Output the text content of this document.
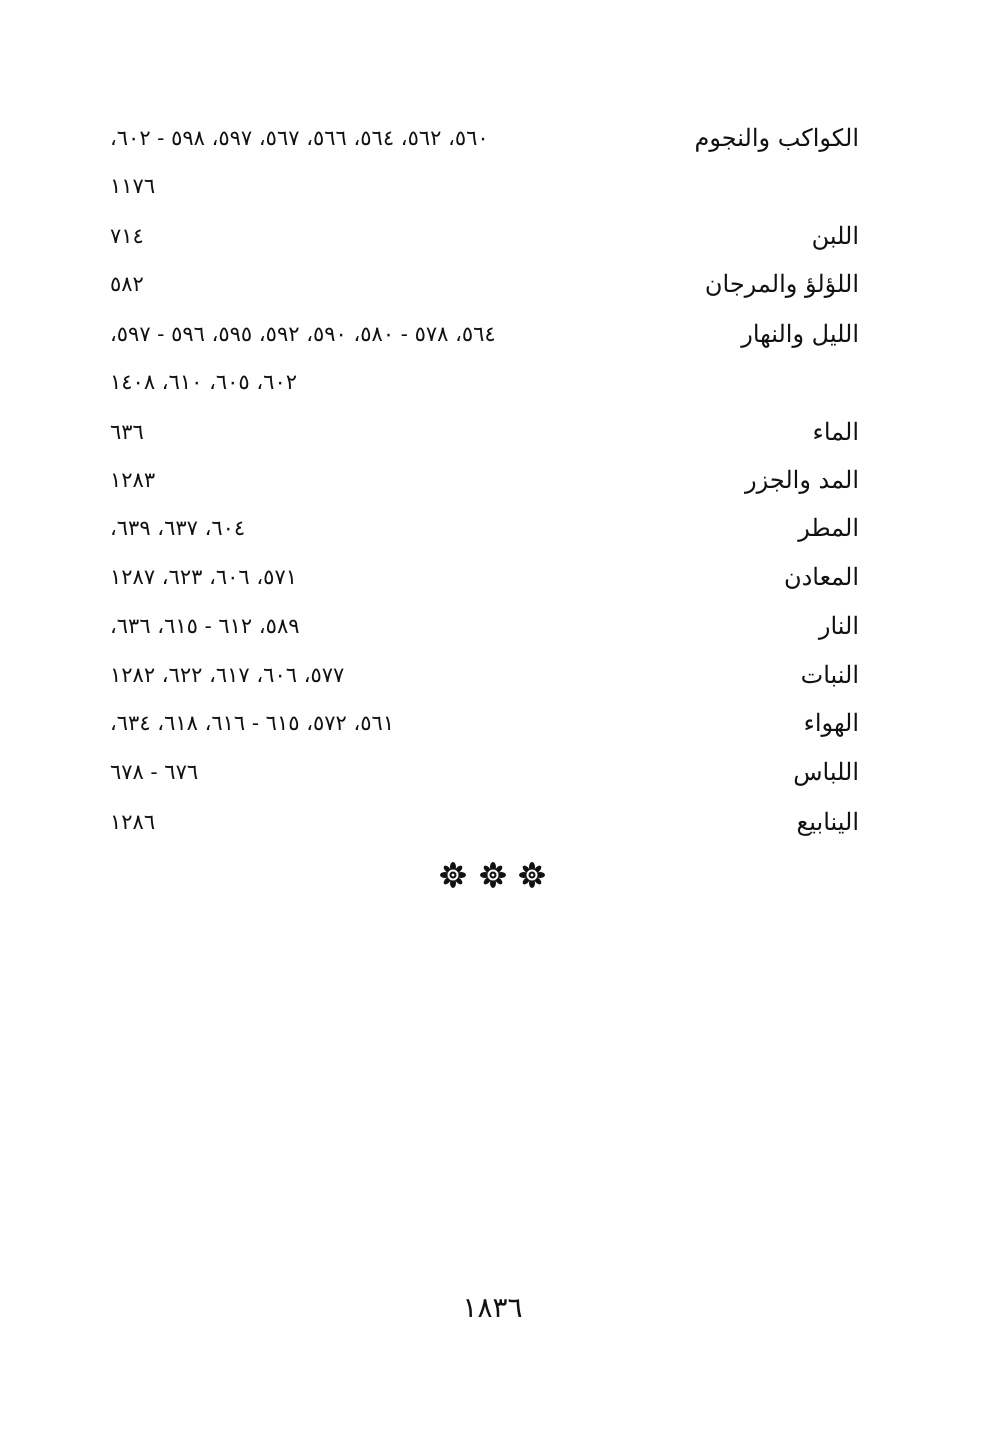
الكواكب والنجوم
٥٦٠، ٥٦٢، ٥٦٤، ٥٦٦، ٥٦٧، ٥٩٧، ٥٩٨ - ٦٠٢،
١١٧٦
اللبن
٧١٤
اللؤلؤ والمرجان
٥٨٢
الليل والنهار
٥٦٤، ٥٧٨ - ٥٨٠، ٥٩٠، ٥٩٢، ٥٩٥، ٥٩٦ - ٥٩٧،
٦٠٢، ٦٠٥، ٦١٠، ١٤٠٨
الماء
٦٣٦
المد والجزر
١٢٨٣
المطر
٦٠٤، ٦٣٧، ٦٣٩،
المعادن
٥٧١، ٦٠٦، ٦٢٣، ١٢٨٧
النار
٥٨٩، ٦١٢ - ٦١٥، ٦٣٦،
النبات
٥٧٧، ٦٠٦، ٦١٧، ٦٢٢، ١٢٨٢
الهواء
٥٦١، ٥٧٢، ٦١٥ - ٦١٦، ٦١٨، ٦٣٤،
اللباس
٦٧٦ - ٦٧٨
الينابيع
١٢٨٦

١٨٣٦
